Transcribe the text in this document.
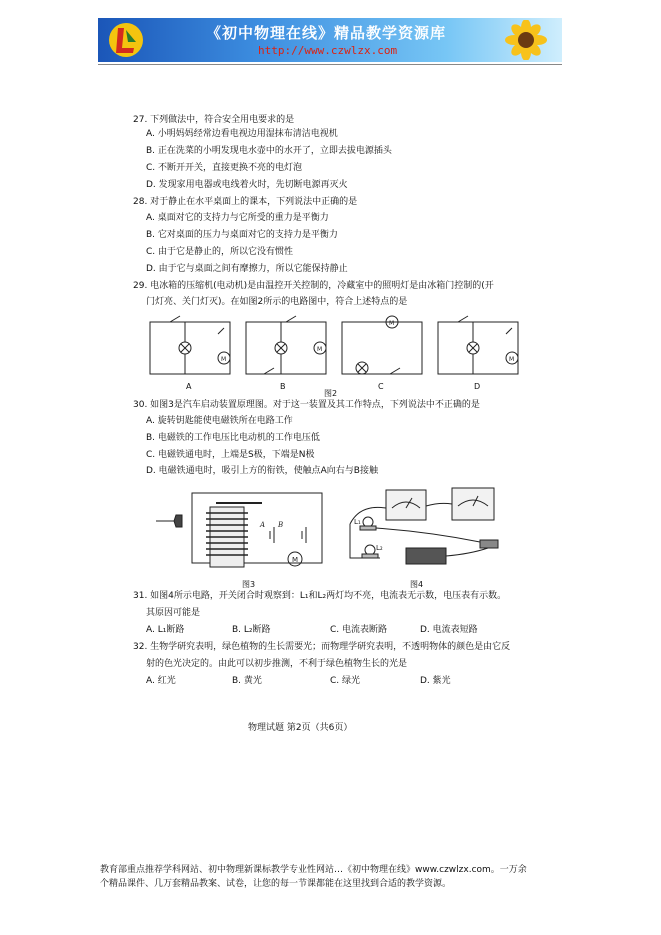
《初中物理在线》精品教学资源库
http://www.czwlzx.com
27. 下列做法中，符合安全用电要求的是
A. 小明妈妈经常边看电视边用湿抹布清洁电视机
B. 正在洗菜的小明发现电水壶中的水开了，立即去拔电源插头
C. 不断开开关，直接更换不亮的电灯泡
D. 发现家用电器或电线着火时，先切断电源再灭火
28. 对于静止在水平桌面上的课本，下列说法中正确的是
A. 桌面对它的支持力与它所受的重力是平衡力
B. 它对桌面的压力与桌面对它的支持力是平衡力
C. 由于它是静止的，所以它没有惯性
D. 由于它与桌面之间有摩擦力，所以它能保持静止
29. 电冰箱的压缩机(电动机)是由温控开关控制的，冷藏室中的照明灯是由冰箱门控制的(开
门灯亮、关门灯灭)。在如图2所示的电路图中，符合上述特点的是
M
M
M
M
A	B	C	D
图2
30. 如图3是汽车启动装置原理图。对于这一装置及其工作特点，下列说法中不正确的是
A. 旋转钥匙能使电磁铁所在电路工作
B. 电磁铁的工作电压比电动机的工作电压低
C. 电磁铁通电时，上端是S极，下端是N极
D. 电磁铁通电时，吸引上方的衔铁，使触点A向右与B接触
M
A B
图3
L₁
L₂
图4
31. 如图4所示电路，开关闭合时观察到：L₁和L₂两灯均不亮，电流表无示数，电压表有示数。
其原因可能是
A. L₁断路	B. L₂断路	C. 电流表断路	D. 电流表短路
32. 生物学研究表明，绿色植物的生长需要光；而物理学研究表明，不透明物体的颜色是由它反
射的色光决定的。由此可以初步推测，不利于绿色植物生长的光是
A. 红光	B. 黄光	C. 绿光	D. 紫光
物理试题 第2页（共6页）
教育部重点推荐学科网站、初中物理新课标教学专业性网站…《初中物理在线》www.czwlzx.com。一万余
个精品课件、几万套精品教案、试卷，让您的每一节课都能在这里找到合适的教学资源。
